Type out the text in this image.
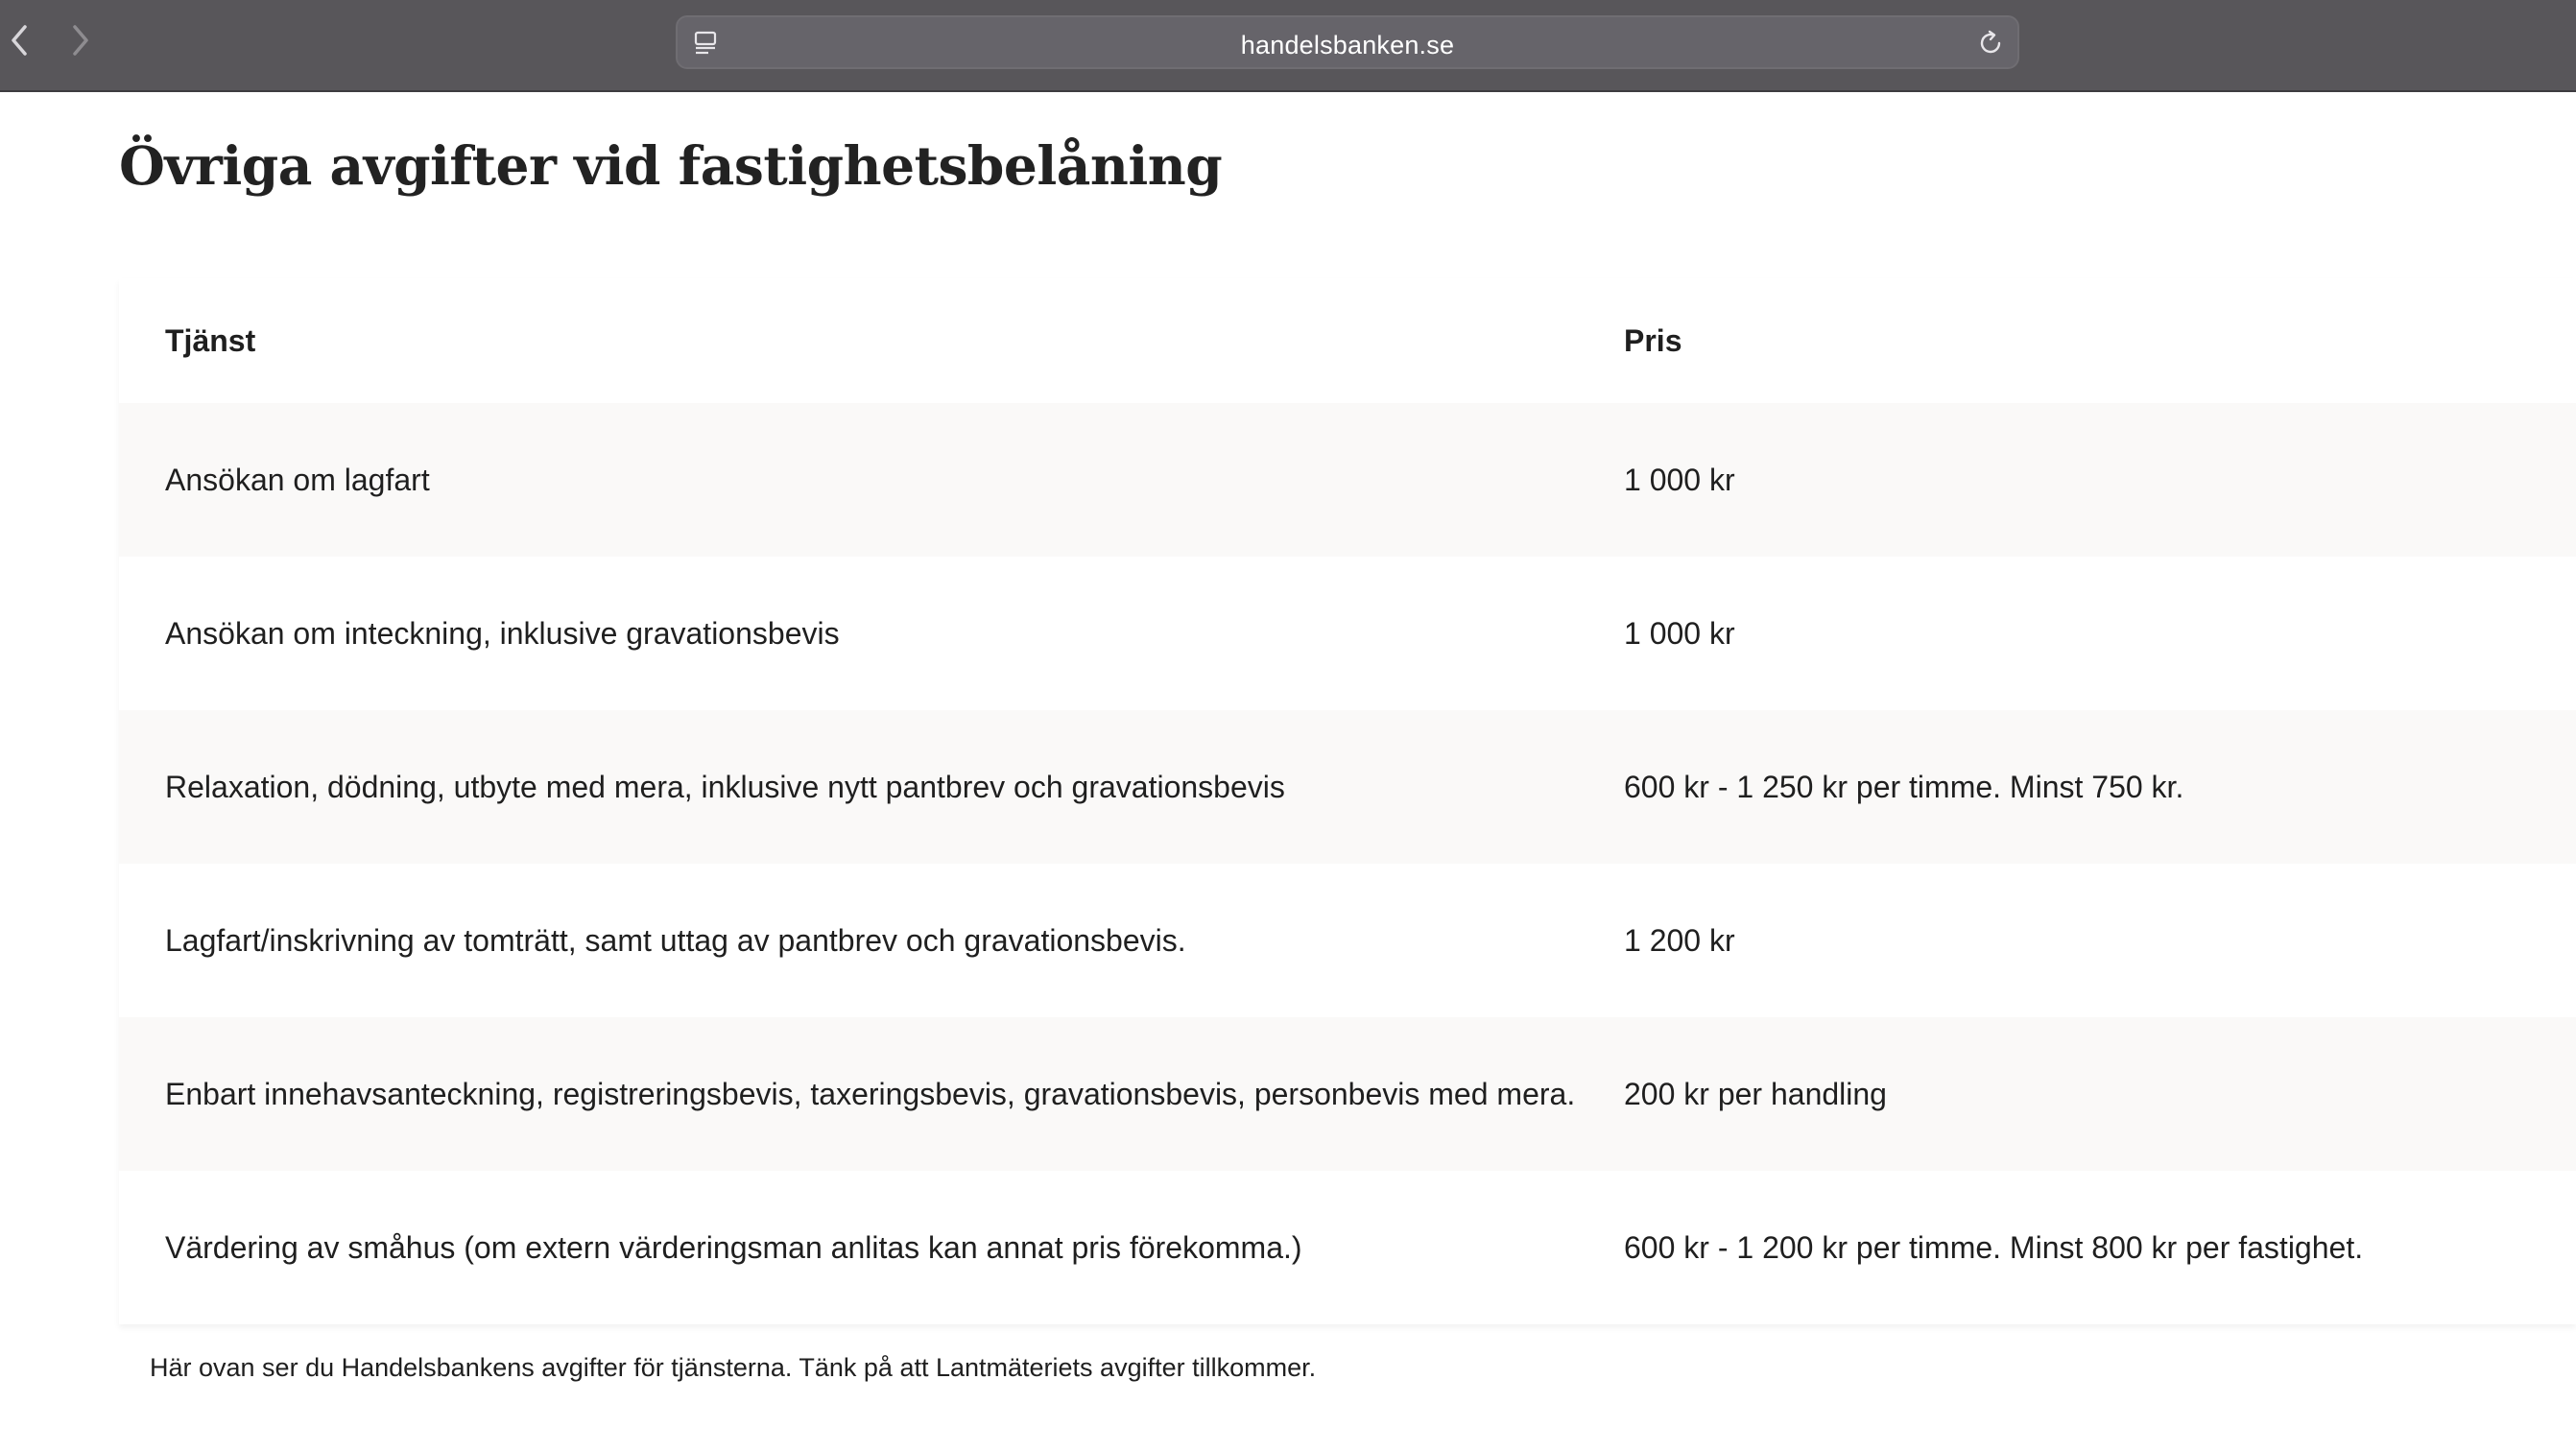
handelsbanken.se
Övriga avgifter vid fastighetsbelåning
Tjänst	Pris
Ansökan om lagfart	1 000 kr
Ansökan om inteckning, inklusive gravationsbevis	1 000 kr
Relaxation, dödning, utbyte med mera, inklusive nytt pantbrev och gravationsbevis	600 kr - 1 250 kr per timme. Minst 750 kr.
Lagfart/inskrivning av tomträtt, samt uttag av pantbrev och gravationsbevis.	1 200 kr
Enbart innehavsanteckning, registreringsbevis, taxeringsbevis, gravationsbevis, personbevis med mera. 200 kr per handling
Värdering av småhus (om extern värderingsman anlitas kan annat pris förekomma.)	600 kr - 1 200 kr per timme. Minst 800 kr per fastighet.

Här ovan ser du Handelsbankens avgifter för tjänsterna. Tänk på att Lantmäteriets avgifter tillkommer.
